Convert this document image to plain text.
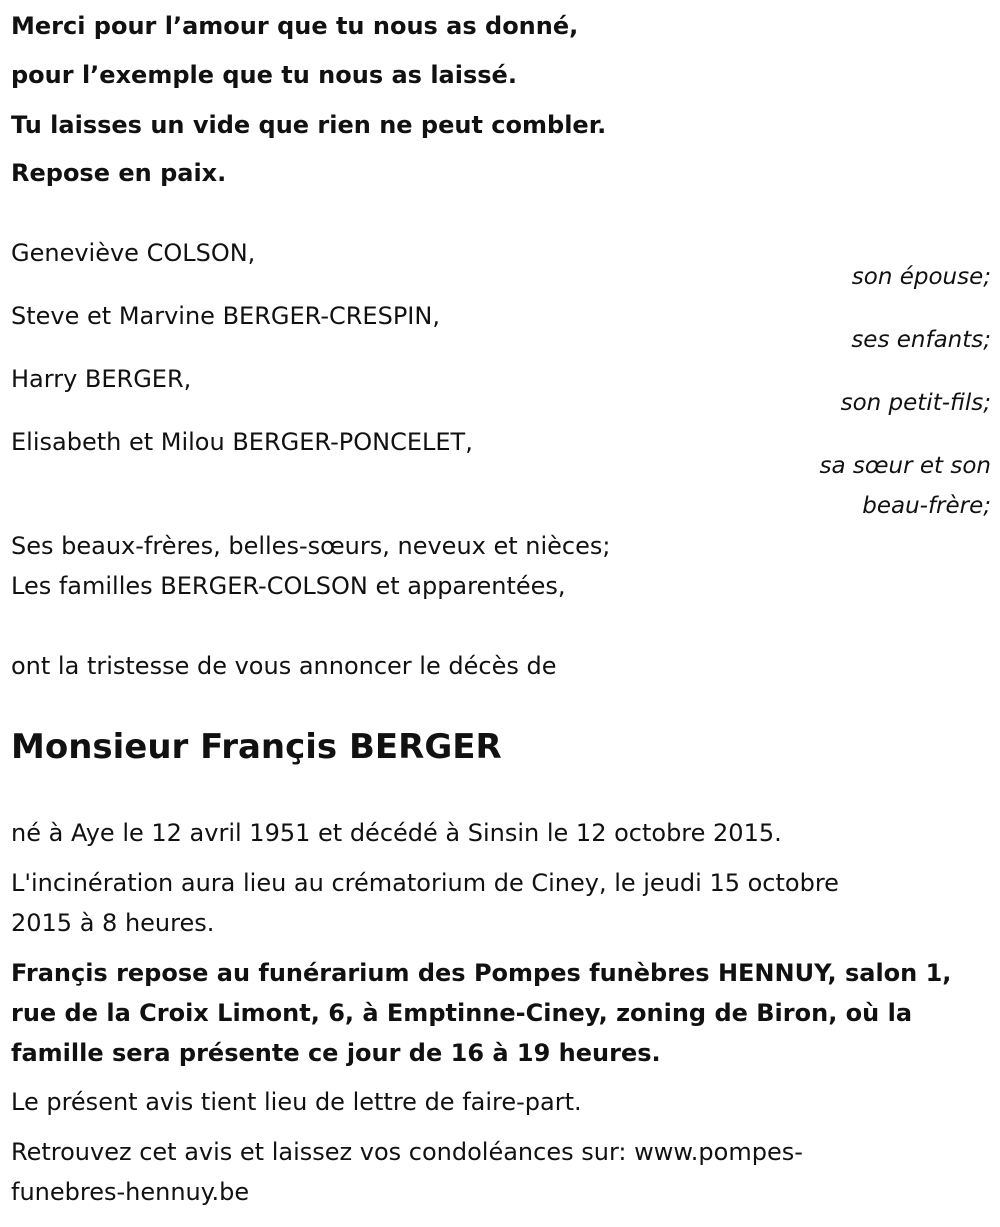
Merci pour l’amour que tu nous as donné,
pour l’exemple que tu nous as laissé.
Tu laisses un vide que rien ne peut combler.
Repose en paix.
Geneviève COLSON,
son épouse;
Steve et Marvine BERGER-CRESPIN,
ses enfants;
Harry BERGER,
son petit-fils;
Elisabeth et Milou BERGER-PONCELET,
sa sœur et son
beau-frère;
Ses beaux-frères, belles-sœurs, neveux et nièces;
Les familles BERGER-COLSON et apparentées,
ont la tristesse de vous annoncer le décès de
Monsieur Françis BERGER
né à Aye le 12 avril 1951 et décédé à Sinsin le 12 octobre 2015.
L'incinération aura lieu au crématorium de Ciney, le jeudi 15 octobre
2015 à 8 heures.
Françis repose au funérarium des Pompes funèbres HENNUY, salon 1,
rue de la Croix Limont, 6, à Emptinne-Ciney, zoning de Biron, où la
famille sera présente ce jour de 16 à 19 heures.
Le présent avis tient lieu de lettre de faire-part.
Retrouvez cet avis et laissez vos condoléances sur: www.pompes-
funebres-hennuy.be
